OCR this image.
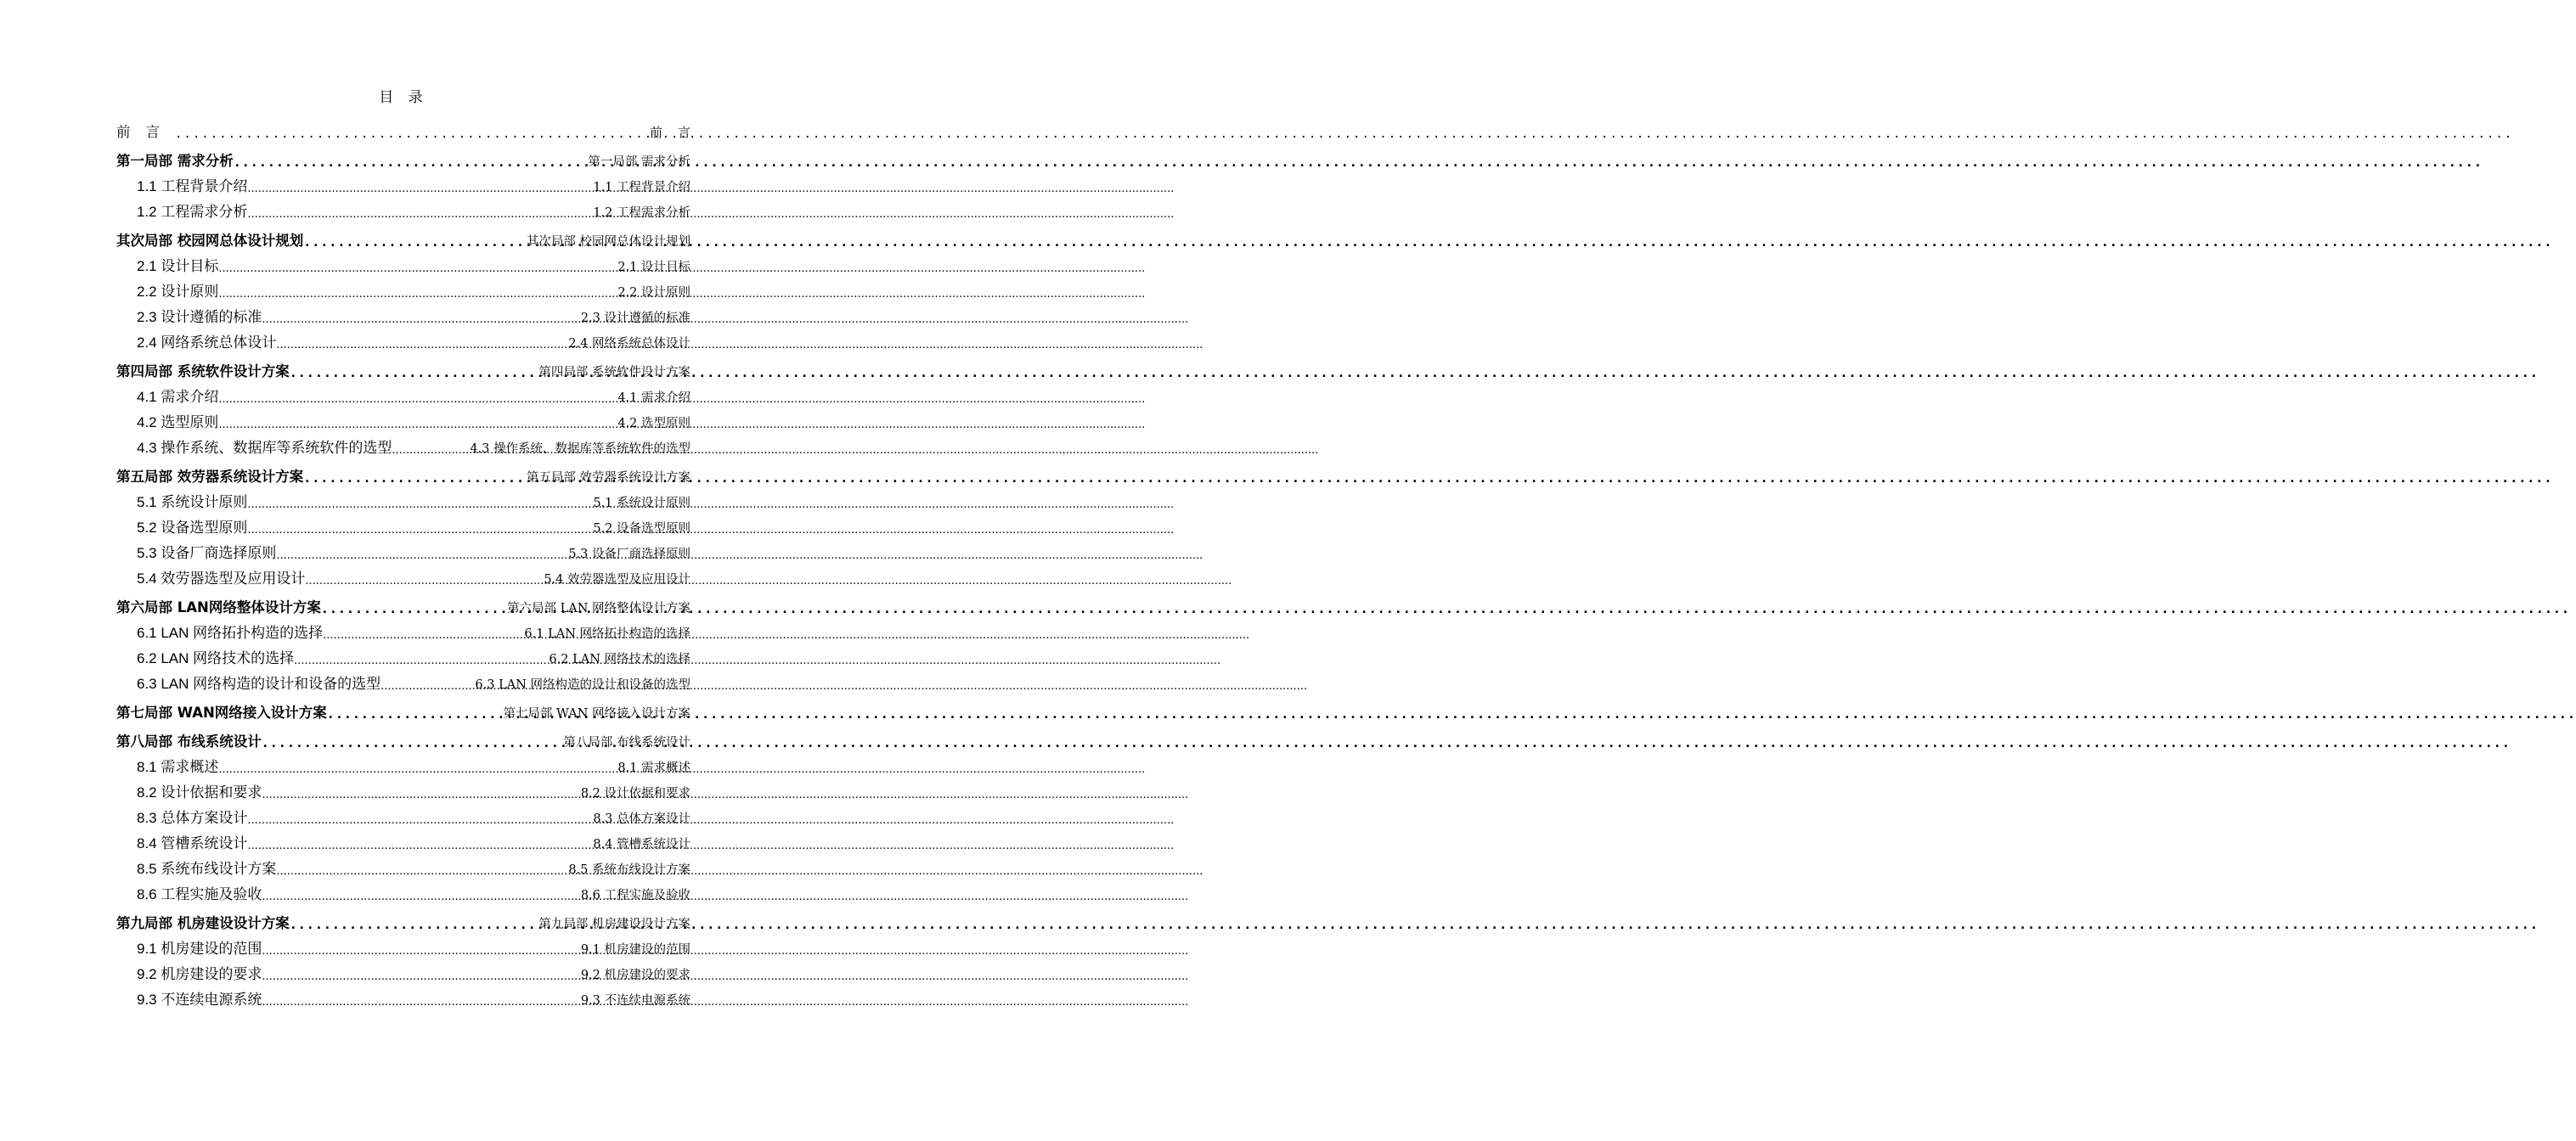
目 录
前言 .....	前言
第一局部 需求分析 .....	第一局部 需求分析
1.1 工程背景介绍 .....	1.1 工程背景介绍
1.2 工程需求分析 .....	1.2 工程需求分析
其次局部 校园网总体设计规划 .....	其次局部 校园网总体设计规划
2.1 设计目标 .....	2.1 设计目标
2.2 设计原则 .....	2.2 设计原则
2.3 设计遵循的标准 .....	2.3 设计遵循的标准
2.4 网络系统总体设计 .....	2.4 网络系统总体设计
第四局部 系统软件设计方案 .....	第四局部 系统软件设计方案
4.1 需求介绍 .....	4.1 需求介绍
4.2 选型原则 .....	4.2 选型原则
4.3 操作系统、数据库等系统软件的选型 .....	4.3 操作系统、数据库等系统软件的选型
第五局部 效劳器系统设计方案 .....	第五局部 效劳器系统设计方案
5.1 系统设计原则 .....	5.1 系统设计原则
5.2 设备选型原则 .....	5.2 设备选型原则
5.3 设备厂商选择原则 .....	5.3 设备厂商选择原则
5.4 效劳器选型及应用设计 .....	5.4 效劳器选型及应用设计
第六局部 LAN网络整体设计方案 .....	第六局部 LAN 网络整体设计方案
6.1 LAN 网络拓扑构造的选择 .....	6.1 LAN 网络拓扑构造的选择
6.2 LAN 网络技术的选择 .....	6.2 LAN 网络技术的选择
6.3 LAN 网络构造的设计和设备的选型 .....	6.3 LAN 网络构造的设计和设备的选型
第七局部 WAN网络接入设计方案 .....	第七局部 WAN 网络接入设计方案
第八局部 布线系统设计 .....	第八局部 布线系统设计
8.1 需求概述 .....	8.1 需求概述
8.2 设计依据和要求 .....	8.2 设计依据和要求
8.3 总体方案设计 .....	8.3 总体方案设计
8.4 管槽系统设计 .....	8.4 管槽系统设计
8.5 系统布线设计方案 .....	8.5 系统布线设计方案
8.6 工程实施及验收 .....	8.6 工程实施及验收
第九局部 机房建设设计方案 .....	第九局部 机房建设设计方案
9.1 机房建设的范围 .....	9.1 机房建设的范围
9.2 机房建设的要求 .....	9.2 机房建设的要求
9.3 不连续电源系统 .....	9.3 不连续电源系统
